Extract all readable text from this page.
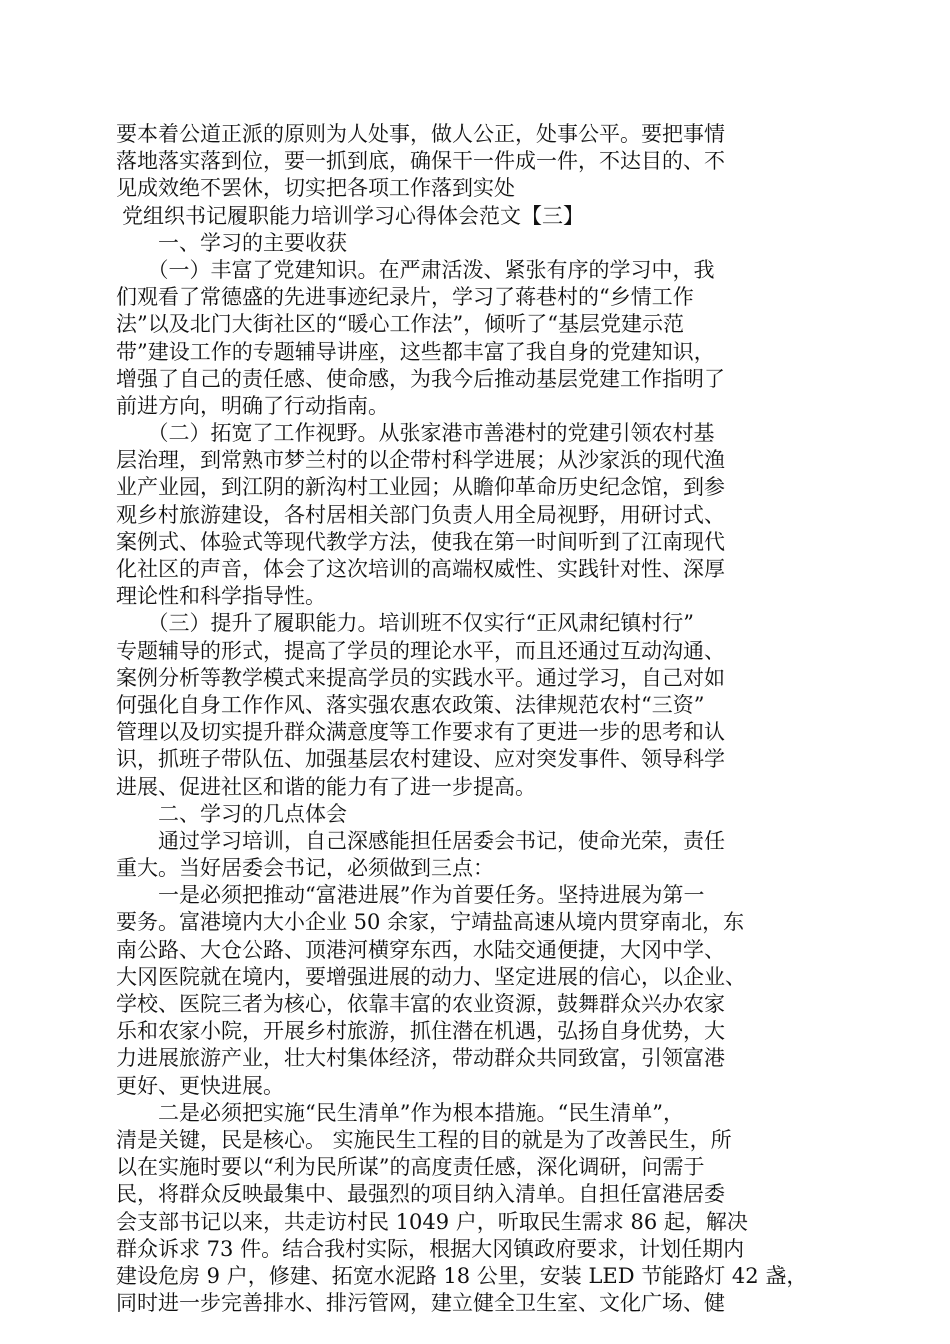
要本着公道正派的原则为人处事，做人公正，处事公平。要把事情
落地落实落到位，要一抓到底，确保干一件成一件，不达目的、不
见成效绝不罢休，切实把各项工作落到实处
党组织书记履职能力培训学习心得体会范文【三】
　　一、学习的主要收获
　　（一）丰富了党建知识。在严肃活泼、紧张有序的学习中，我
们观看了常德盛的先进事迹纪录片，学习了蒋巷村的“乡情工作
法”以及北门大街社区的“暖心工作法”，倾听了“基层党建示范
带”建设工作的专题辅导讲座，这些都丰富了我自身的党建知识，
增强了自己的责任感、使命感，为我今后推动基层党建工作指明了
前进方向，明确了行动指南。
　　（二）拓宽了工作视野。从张家港市善港村的党建引领农村基
层治理，到常熟市梦兰村的以企带村科学进展；从沙家浜的现代渔
业产业园，到江阴的新沟村工业园；从瞻仰革命历史纪念馆，到参
观乡村旅游建设，各村居相关部门负责人用全局视野，用研讨式、
案例式、体验式等现代教学方法，使我在第一时间听到了江南现代
化社区的声音，体会了这次培训的高端权威性、实践针对性、深厚
理论性和科学指导性。
　　（三）提升了履职能力。培训班不仅实行“正风肃纪镇村行”
专题辅导的形式，提高了学员的理论水平，而且还通过互动沟通、
案例分析等教学模式来提高学员的实践水平。通过学习，自己对如
何强化自身工作作风、落实强农惠农政策、法律规范农村“三资”
管理以及切实提升群众满意度等工作要求有了更进一步的思考和认
识，抓班子带队伍、加强基层农村建设、应对突发事件、领导科学
进展、促进社区和谐的能力有了进一步提高。
　　二、学习的几点体会
　　通过学习培训，自己深感能担任居委会书记，使命光荣，责任
重大。当好居委会书记，必须做到三点：
　　一是必须把推动“富港进展”作为首要任务。坚持进展为第一
要务。富港境内大小企业 50 余家，宁靖盐高速从境内贯穿南北，东
南公路、大仓公路、顶港河横穿东西，水陆交通便捷，大冈中学、
大冈医院就在境内，要增强进展的动力、坚定进展的信心，以企业、
学校、医院三者为核心，依靠丰富的农业资源，鼓舞群众兴办农家
乐和农家小院，开展乡村旅游，抓住潜在机遇，弘扬自身优势，大
力进展旅游产业，壮大村集体经济，带动群众共同致富，引领富港
更好、更快进展。
　　二是必须把实施“民生清单”作为根本措施。“民生清单”，
清是关键，民是核心。 实施民生工程的目的就是为了改善民生，所
以在实施时要以“利为民所谋”的高度责任感，深化调研，问需于
民，将群众反映最集中、最强烈的项目纳入清单。自担任富港居委
会支部书记以来，共走访村民 1049 户，听取民生需求 86 起，解决
群众诉求 73 件。结合我村实际，根据大冈镇政府要求，计划任期内
建设危房 9 户，修建、拓宽水泥路 18 公里，安装 LED 节能路灯 42 盏，
同时进一步完善排水、排污管网，建立健全卫生室、文化广场、健
